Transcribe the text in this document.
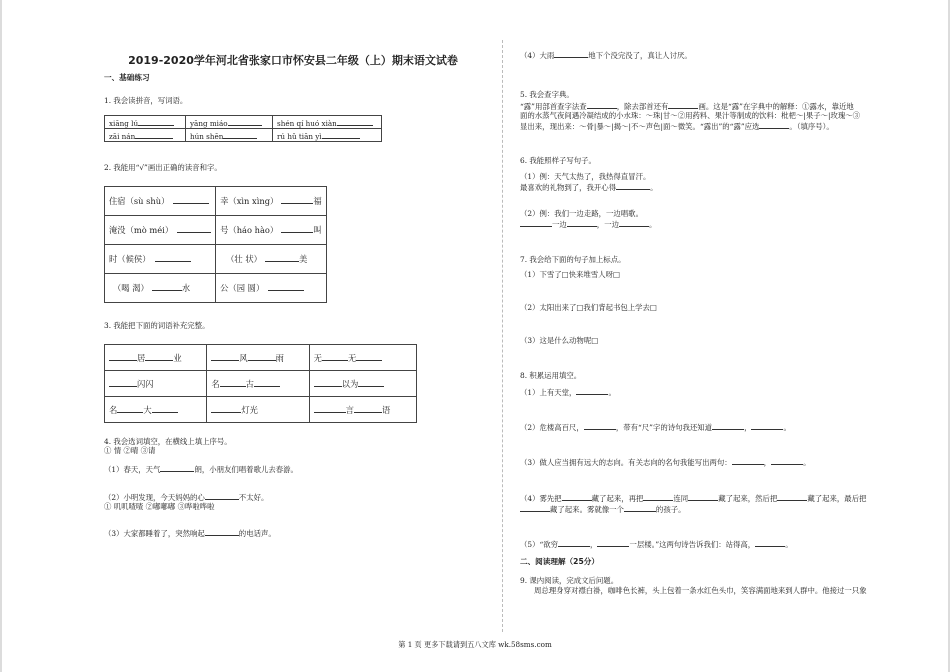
2019-2020学年河北省张家口市怀安县二年级（上）期末语文试卷
一、基础练习
1. 我会读拼音，写词语。
xiāng lú	yāng miáo	shén qí huó xiàn
zāi nán	hún shēn	rú hǔ tiān yì
2. 我能用“√”画出正确的读音和字。
住宿（sù shù）	幸（xìn xìng） 福
淹没（mò méi）	号（háo hào） 叫
时（候侯）	（壮 状） 美
（喝 渴） 水	公（园 圆）
3. 我能把下面的词语补充完整。
居 业	风 雨	无 无
闪闪	名 古	以为
名 大	灯光	言 语
4. 我会选词填空，在横线上填上序号。
① 情 ②晴 ③请
（1）春天，天气	朗，小朋友们唱着歌儿去春游。
（2）小明发现，今天妈妈的心	不太好。
① 叽叽喳喳 ②嘟嘟嘟 ③哗啦哗啦
（3）大家都睡着了，突然响起	的电话声。
（4）大雨	地下个没完没了，真让人讨厌。
5. 我会查字典。
“露”用部首查字法查	，除去部首还有	画。这是“露”在字典中的解释：①露水，靠近地
面的水蒸气夜间遇冷凝结成的小水珠：～珠|甘～②用药料、果汁等制成的饮料：枇杷～|果子～|玫瑰～③
显出来，现出来：～骨|暴～|揭～|不～声色|面～微笑。“露出”的“露”应选	。（填序号）。
6. 我能照样子写句子。
（1）例：天气太热了，我热得直冒汗。
最喜欢的礼物到了，我开心得	。
（2）例：我们一边走路，一边唱歌。
一边	，一边	。
7. 我会给下面的句子加上标点。
（1）下雪了□快来堆雪人呀□
（2）太阳出来了□我们背起书包上学去□
（3）这是什么动物呢□
8. 积累运用填空。
（1）上有天堂，	。
（2）危楼高百尺，	，带有“尺”字的诗句我还知道	，	。
（3）做人应当拥有远大的志向。有关志向的名句我能写出两句：	，	。
（4）雾先把	藏了起来，再把	连同	藏了起来，然后把	藏了起来，最后把
藏了起来。雾就像一个	的孩子。
（5）“欲穷	，	一层楼。”这两句诗告诉我们：站得高，	。
二、阅读理解（25分）
9. 课内阅读，完成文后问题。
周总理身穿对襟白褂，咖啡色长裤，头上包着一条水红色头巾，笑容满面地来到人群中。他接过一只象
第 1 页 更多下载请到五八文库 wk.58sms.com
